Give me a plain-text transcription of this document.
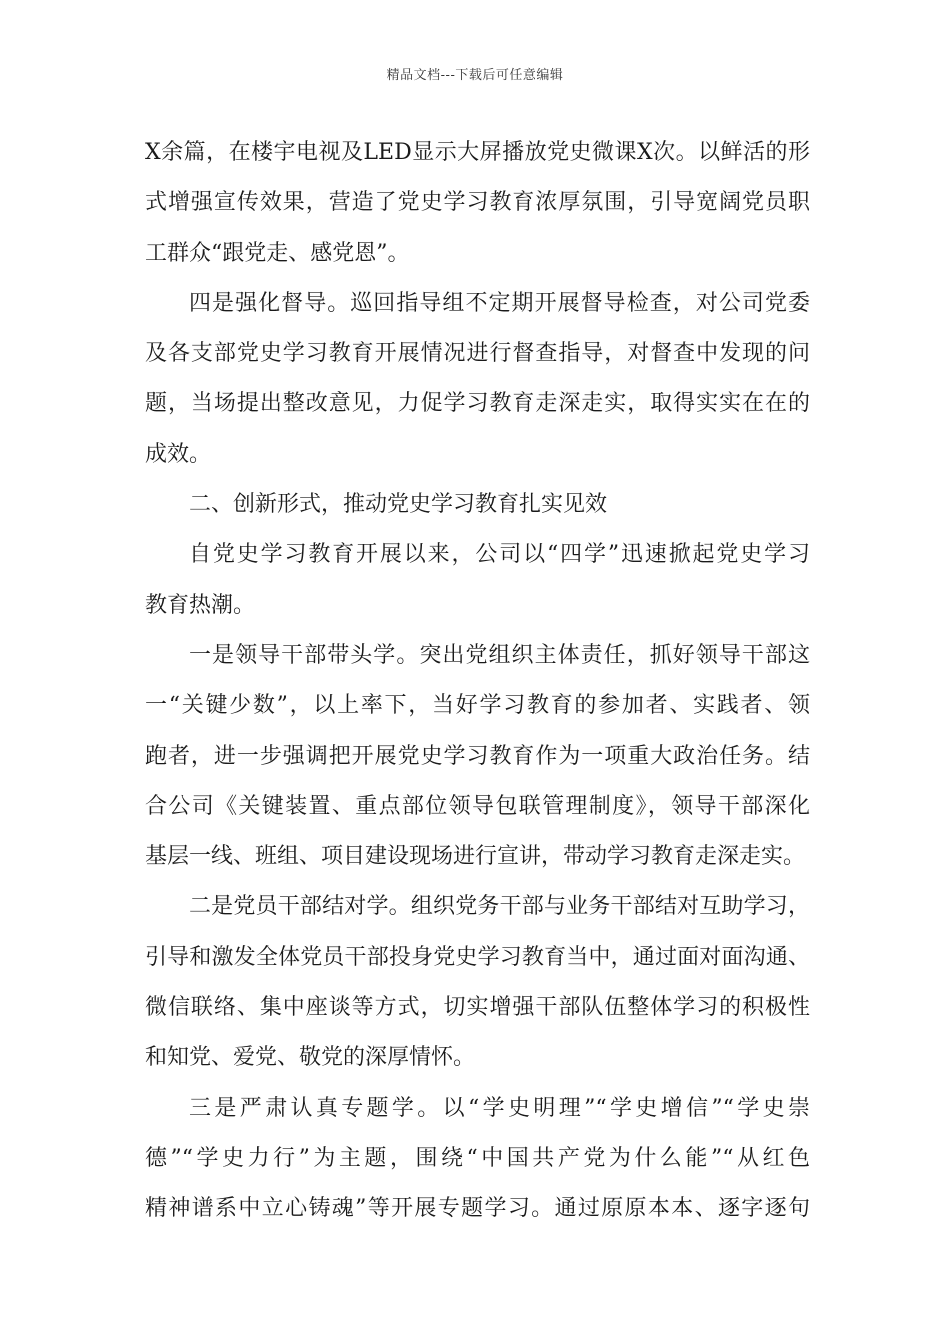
精品文档---下载后可任意编辑

X余篇，在楼宇电视及LED显示大屏播放党史微课X次。以鲜活的形
式增强宣传效果，营造了党史学习教育浓厚氛围，引导宽阔党员职
工群众“跟党走、感党恩”。

四是强化督导。巡回指导组不定期开展督导检查，对公司党委
及各支部党史学习教育开展情况进行督查指导，对督查中发现的问
题，当场提出整改意见，力促学习教育走深走实，取得实实在在的
成效。

二、创新形式，推动党史学习教育扎实见效

自党史学习教育开展以来，公司以“四学”迅速掀起党史学习
教育热潮。

一是领导干部带头学。突出党组织主体责任，抓好领导干部这
一“关键少数”，以上率下，当好学习教育的参加者、实践者、领
跑者，进一步强调把开展党史学习教育作为一项重大政治任务。结
合公司《关键装置、重点部位领导包联管理制度》，领导干部深化
基层一线、班组、项目建设现场进行宣讲，带动学习教育走深走实。

二是党员干部结对学。组织党务干部与业务干部结对互助学习，
引导和激发全体党员干部投身党史学习教育当中，通过面对面沟通、
微信联络、集中座谈等方式，切实增强干部队伍整体学习的积极性
和知党、爱党、敬党的深厚情怀。

三是严肃认真专题学。以“学史明理”“学史增信”“学史崇
德”“学史力行”为主题，围绕“中国共产党为什么能”“从红色
精神谱系中立心铸魂”等开展专题学习。通过原原本本、逐字逐句
